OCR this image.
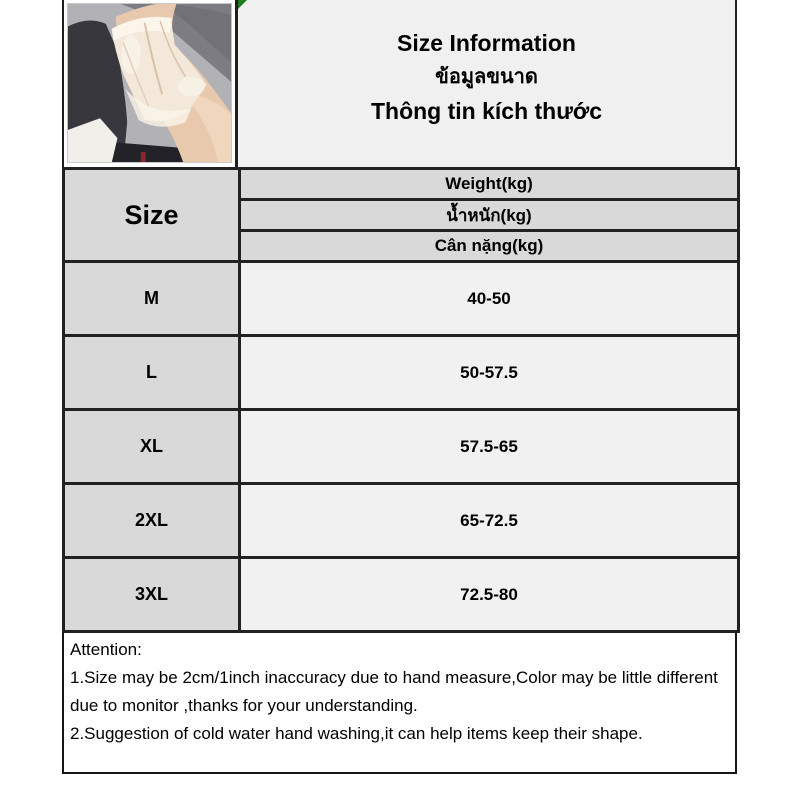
Size Information
ข้อมูลขนาด
Thông tin kích thước
Size	Weight(kg)
	น้ำหนัก(kg)
	Cân nặng(kg)
M	40-50
L	50-57.5
XL	57.5-65
2XL	65-72.5
3XL	72.5-80
Attention:
1.Size may be 2cm/1inch inaccuracy due to hand measure,Color may be little different due to monitor ,thanks for your understanding.
2.Suggestion of cold water hand washing,it can help items keep their shape.
